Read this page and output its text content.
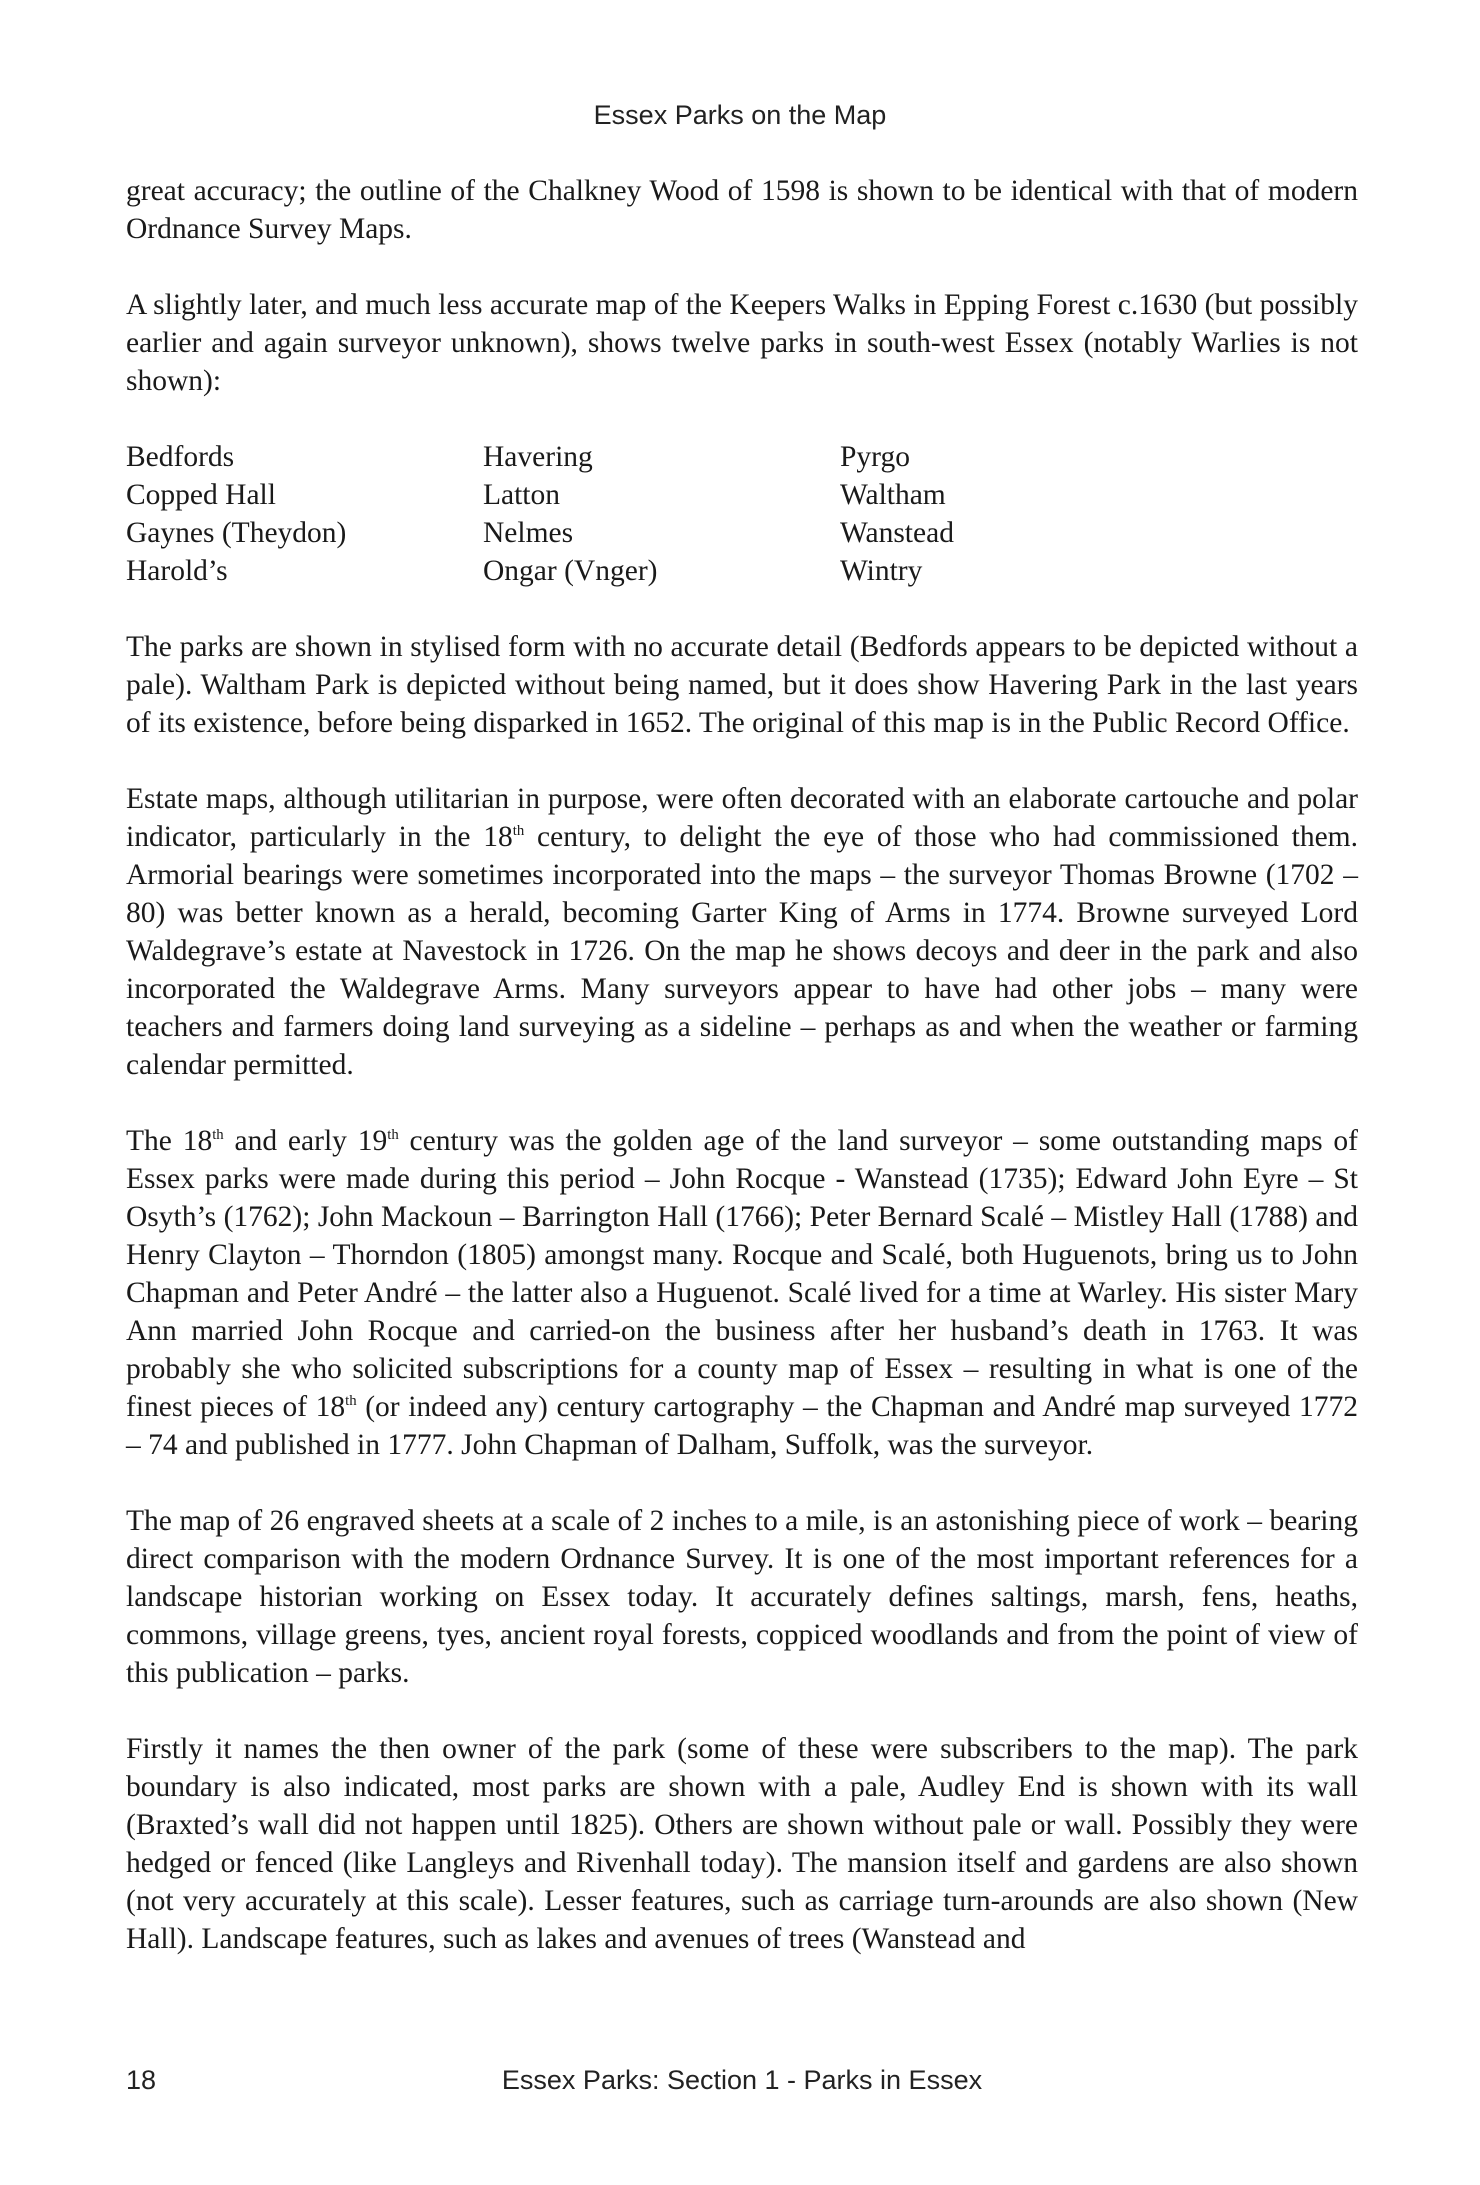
Essex Parks on the Map

great accuracy; the outline of the Chalkney Wood of 1598 is shown to be identical with that of modern Ordnance Survey Maps.

A slightly later, and much less accurate map of the Keepers Walks in Epping Forest c.1630 (but possibly earlier and again surveyor unknown), shows twelve parks in south-west Essex (notably Warlies is not shown):

Bedfords	Havering	Pyrgo
Copped Hall	Latton	Waltham
Gaynes (Theydon)	Nelmes	Wanstead
Harold’s	Ongar (Vnger)	Wintry

The parks are shown in stylised form with no accurate detail (Bedfords appears to be depicted without a pale). Waltham Park is depicted without being named, but it does show Havering Park in the last years of its existence, before being disparked in 1652. The original of this map is in the Public Record Office.

Estate maps, although utilitarian in purpose, were often decorated with an elaborate cartouche and polar indicator, particularly in the 18th century, to delight the eye of those who had commissioned them. Armorial bearings were sometimes incorporated into the maps – the surveyor Thomas Browne (1702 – 80) was better known as a herald, becoming Garter King of Arms in 1774. Browne surveyed Lord Waldegrave’s estate at Navestock in 1726. On the map he shows decoys and deer in the park and also incorporated the Waldegrave Arms. Many surveyors appear to have had other jobs – many were teachers and farmers doing land surveying as a sideline – perhaps as and when the weather or farming calendar permitted.

The 18th and early 19th century was the golden age of the land surveyor – some outstanding maps of Essex parks were made during this period – John Rocque - Wanstead (1735); Edward John Eyre – St Osyth’s (1762); John Mackoun – Barrington Hall (1766); Peter Bernard Scalé – Mistley Hall (1788) and Henry Clayton – Thorndon (1805) amongst many. Rocque and Scalé, both Huguenots, bring us to John Chapman and Peter André – the latter also a Huguenot. Scalé lived for a time at Warley. His sister Mary Ann married John Rocque and carried-on the business after her husband’s death in 1763. It was probably she who solicited subscriptions for a county map of Essex – resulting in what is one of the finest pieces of 18th (or indeed any) century cartography – the Chapman and André map surveyed 1772 – 74 and published in 1777. John Chapman of Dalham, Suffolk, was the surveyor.

The map of 26 engraved sheets at a scale of 2 inches to a mile, is an astonishing piece of work – bearing direct comparison with the modern Ordnance Survey. It is one of the most important references for a landscape historian working on Essex today. It accurately defines saltings, marsh, fens, heaths, commons, village greens, tyes, ancient royal forests, coppiced woodlands and from the point of view of this publication – parks.

Firstly it names the then owner of the park (some of these were subscribers to the map). The park boundary is also indicated, most parks are shown with a pale, Audley End is shown with its wall (Braxted’s wall did not happen until 1825). Others are shown without pale or wall. Possibly they were hedged or fenced (like Langleys and Rivenhall today). The mansion itself and gardens are also shown (not very accurately at this scale). Lesser features, such as carriage turn-arounds are also shown (New Hall). Landscape features, such as lakes and avenues of trees (Wanstead and

18	Essex Parks: Section 1 - Parks in Essex
